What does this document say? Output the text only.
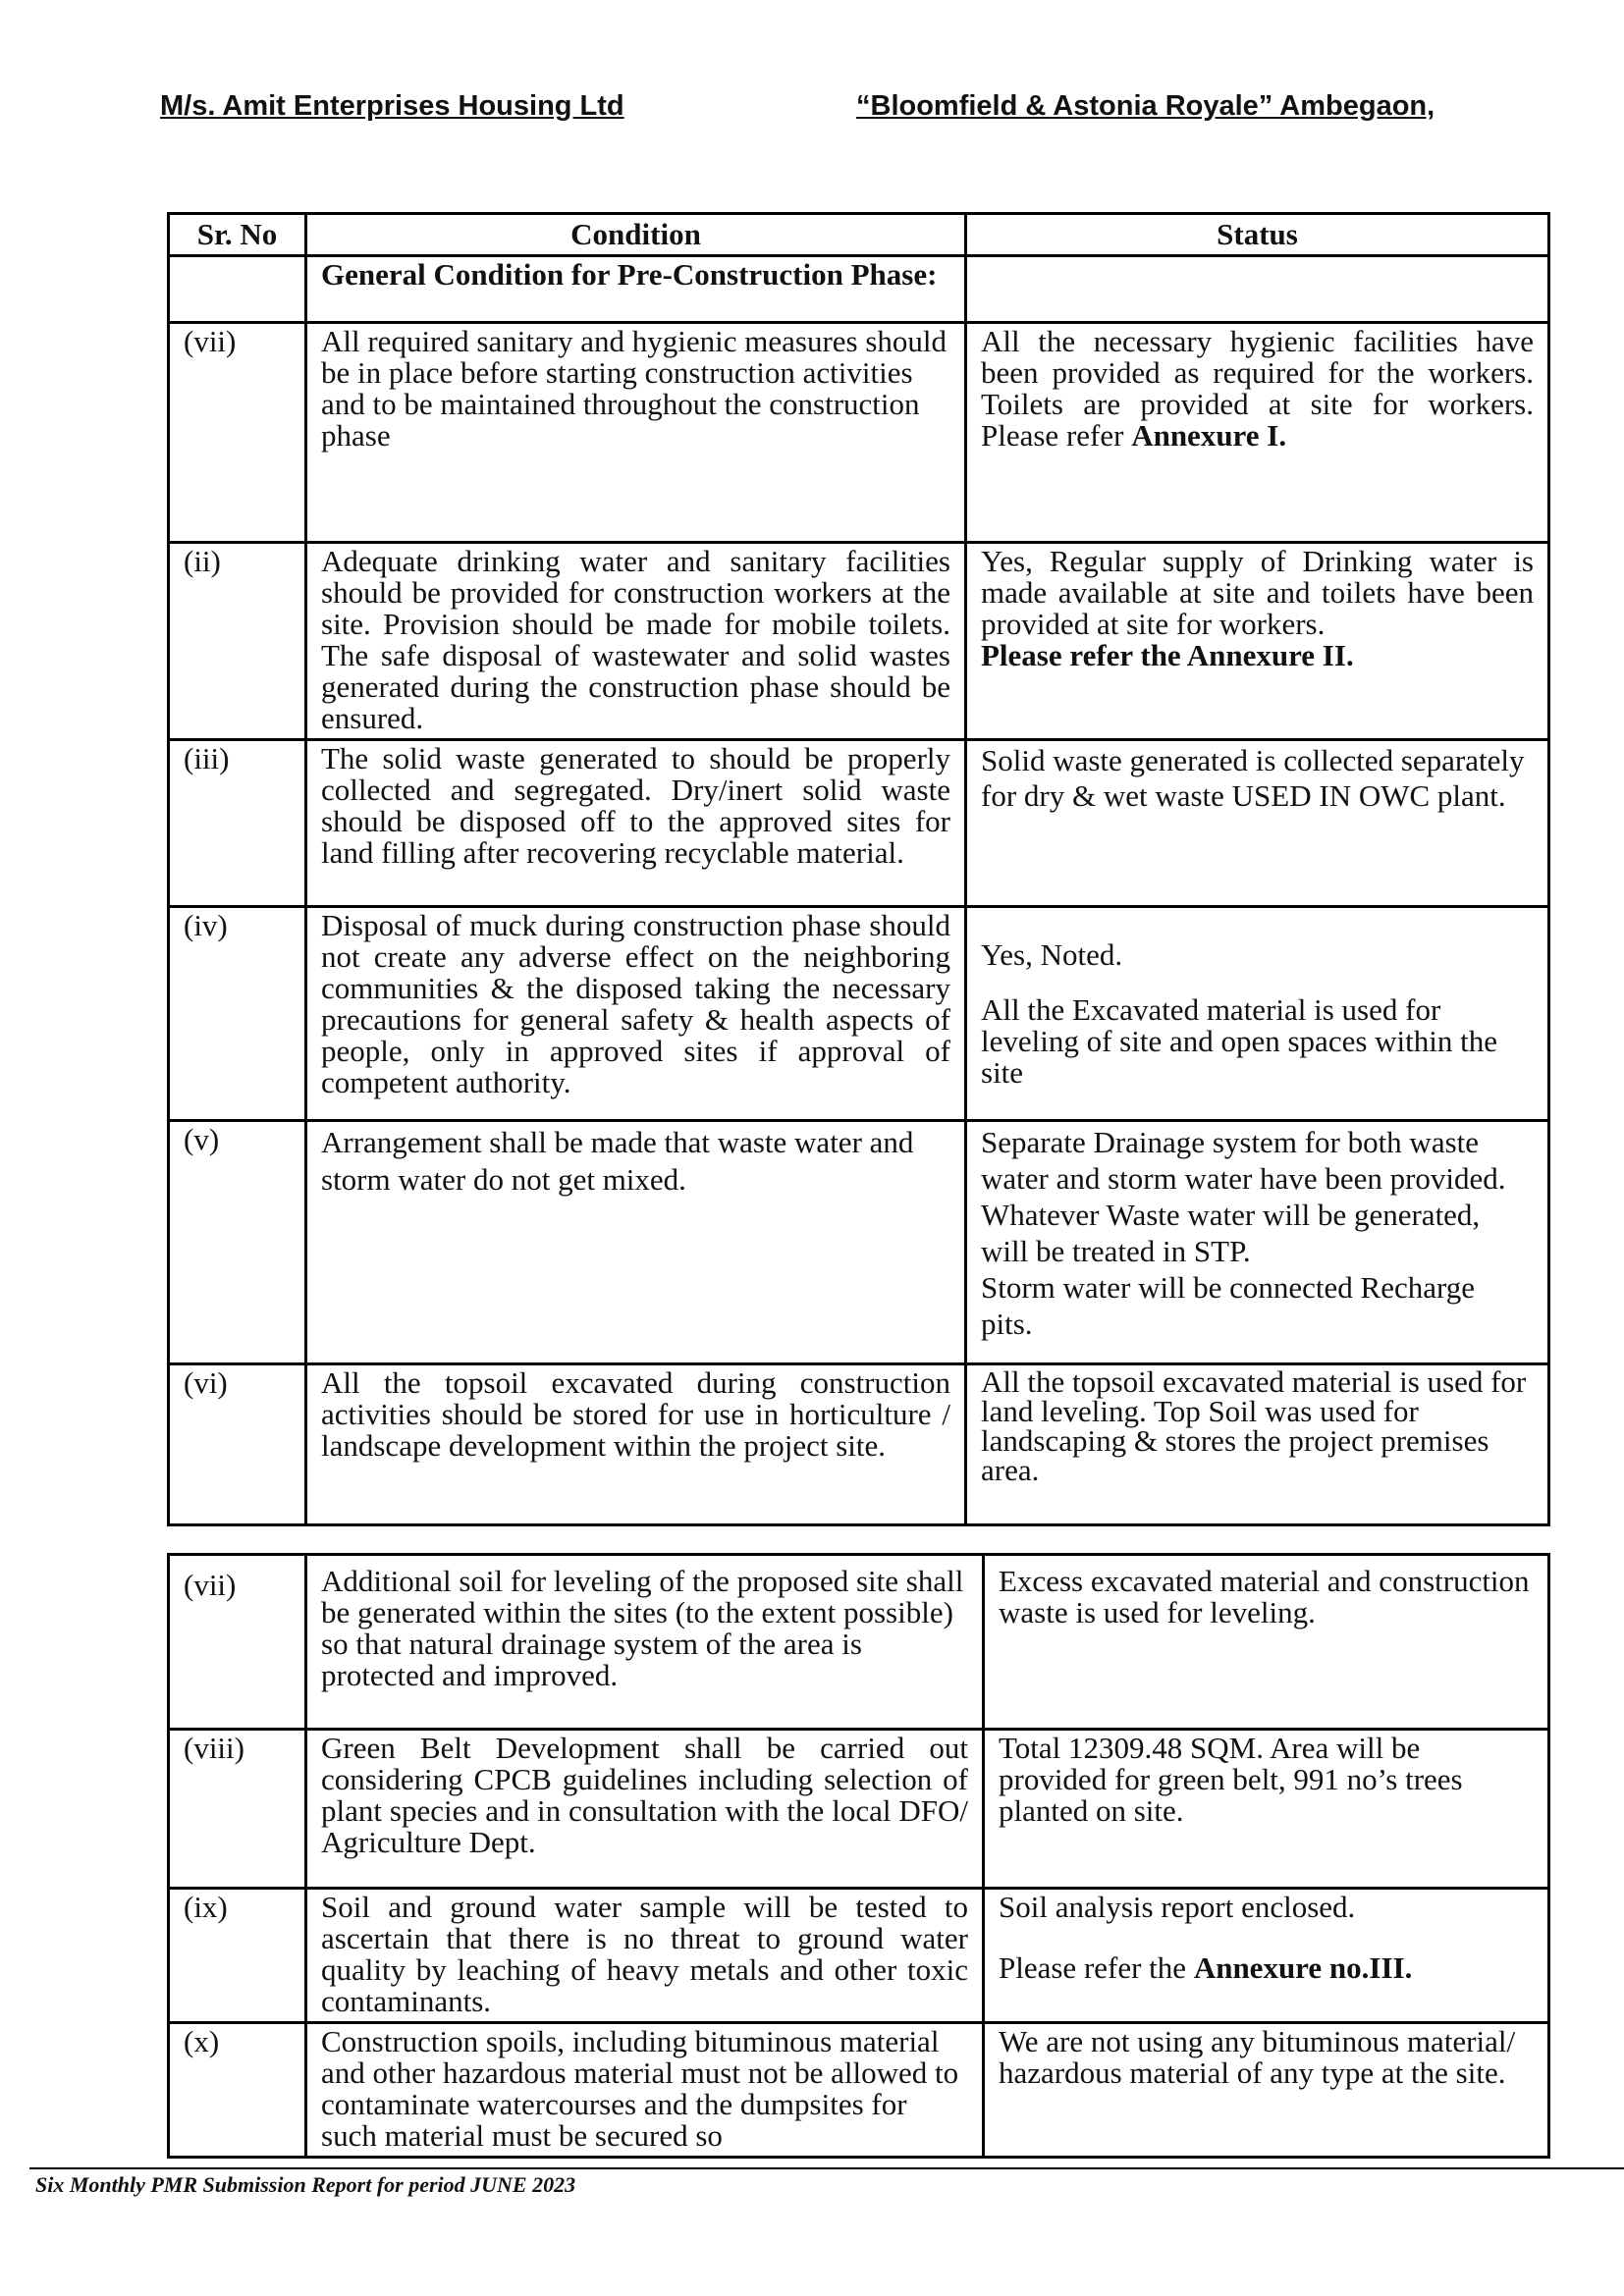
M/s. Amit Enterprises Housing Ltd	“Bloomfield & Astonia Royale” Ambegaon,
Sr. No	Condition	Status
	General Condition for Pre-Construction Phase:	
(vii)	All required sanitary and hygienic measures should be in place before starting construction activities and to be maintained throughout the construction phase	All the necessary hygienic facilities have been provided as required for the workers. Toilets are provided at site for workers. Please refer Annexure I.
(ii)	Adequate drinking water and sanitary facilities should be provided for construction workers at the site. Provision should be made for mobile toilets. The safe disposal of wastewater and solid wastes generated during the construction phase should be ensured.	Yes, Regular supply of Drinking water is made available at site and toilets have been provided at site for workers.
Please refer the Annexure II.
(iii)	The solid waste generated to should be properly collected and segregated. Dry/inert solid waste should be disposed off to the approved sites for land filling after recovering recyclable material.	Solid waste generated is collected separately for dry & wet waste USED IN OWC plant.
(iv)	Disposal of muck during construction phase should not create any adverse effect on the neighboring communities & the disposed taking the necessary precautions for general safety & health aspects of people, only in approved sites if approval of competent authority.	Yes, Noted.
All the Excavated material is used for leveling of site and open spaces within the site

(v)	Arrangement shall be made that waste water and storm water do not get mixed.	Separate Drainage system for both waste water and storm water have been provided.
Whatever Waste water will be generated, will be treated in STP.
Storm water will be connected Recharge pits.

(vi)	All the topsoil excavated during construction activities should be stored for use in horticulture / landscape development within the project site.	All the topsoil excavated material is used for land leveling. Top Soil was used for landscaping & stores the project premises area.
(vii)	Additional soil for leveling of the proposed site shall be generated within the sites (to the extent possible) so that natural drainage system of the area is protected and improved.	Excess excavated material and construction waste is used for leveling.
(viii)	Green Belt Development shall be carried out considering CPCB guidelines including selection of plant species and in consultation with the local DFO/ Agriculture Dept.	Total 12309.48 SQM. Area will be provided for green belt, 991 no’s trees planted on site.
(ix)	Soil and ground water sample will be tested to ascertain that there is no threat to ground water quality by leaching of heavy metals and other toxic contaminants.	Soil analysis report enclosed.
Please refer the Annexure no.III.

(x)	Construction spoils, including bituminous material and other hazardous material must not be allowed to contaminate watercourses and the dumpsites for such material must be secured so	We are not using any bituminous material/ hazardous material of any type at the site.
Six Monthly PMR Submission Report for period JUNE 2023
